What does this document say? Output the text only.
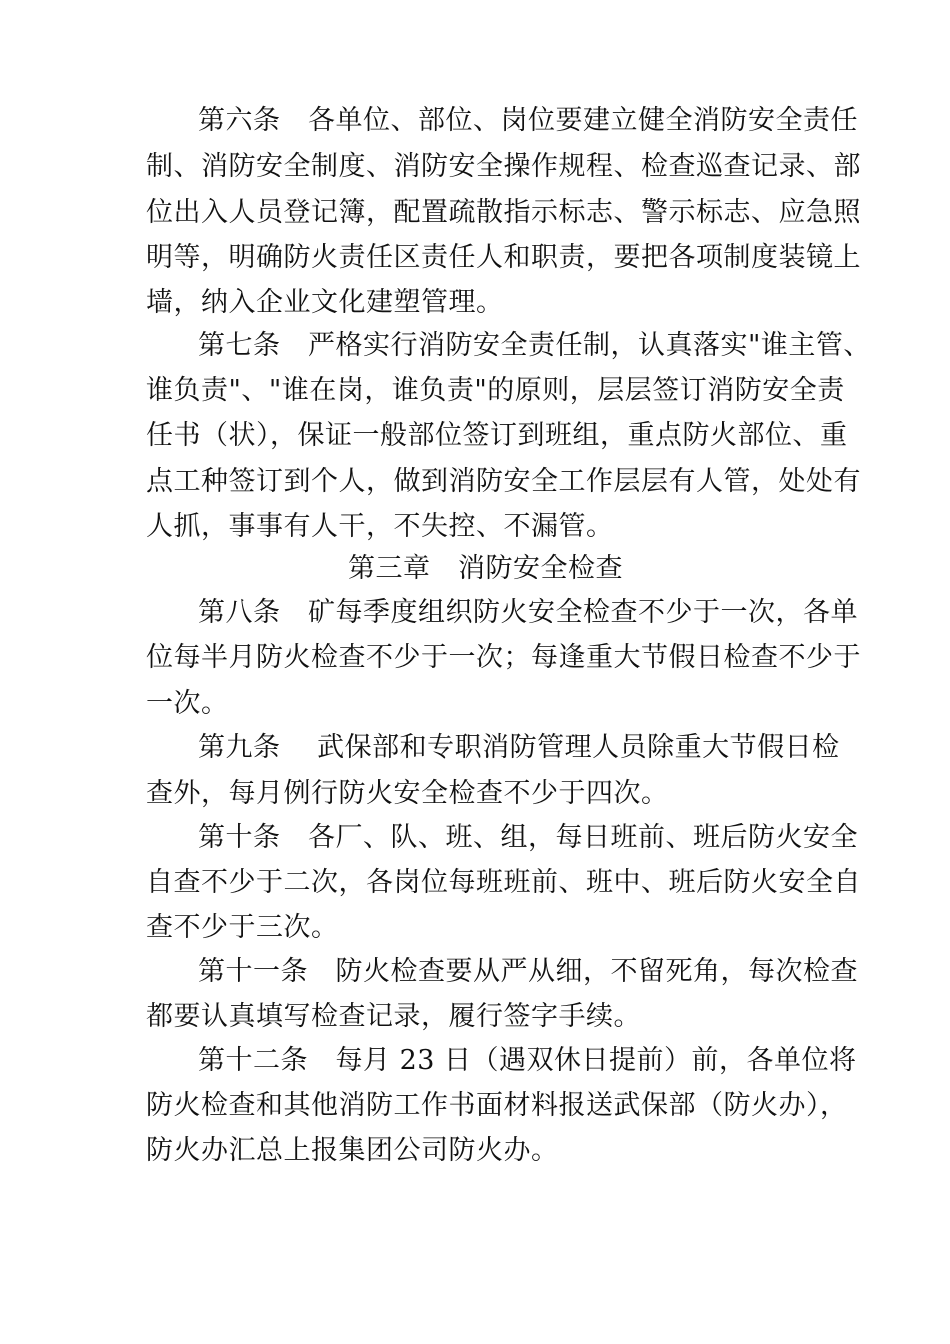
第六条　各单位、部位、岗位要建立健全消防安全责任
制、消防安全制度、消防安全操作规程、检查巡查记录、部
位出入人员登记簿，配置疏散指示标志、警示标志、应急照
明等，明确防火责任区责任人和职责，要把各项制度装镜上
墙，纳入企业文化建塑管理。
第七条　严格实行消防安全责任制，认真落实"谁主管、
谁负责"、"谁在岗，谁负责"的原则，层层签订消防安全责
任书（状），保证一般部位签订到班组，重点防火部位、重
点工种签订到个人，做到消防安全工作层层有人管，处处有
人抓，事事有人干，不失控、不漏管。
第三章　消防安全检查
第八条　矿每季度组织防火安全检查不少于一次，各单
位每半月防火检查不少于一次；每逢重大节假日检查不少于
一次。
第九条　 武保部和专职消防管理人员除重大节假日检
查外，每月例行防火安全检查不少于四次。
第十条　各厂、队、班、组，每日班前、班后防火安全
自查不少于二次，各岗位每班班前、班中、班后防火安全自
查不少于三次。
第十一条　防火检查要从严从细，不留死角，每次检查
都要认真填写检查记录，履行签字手续。
第十二条　每月 23 日（遇双休日提前）前，各单位将
防火检查和其他消防工作书面材料报送武保部（防火办），
防火办汇总上报集团公司防火办。
